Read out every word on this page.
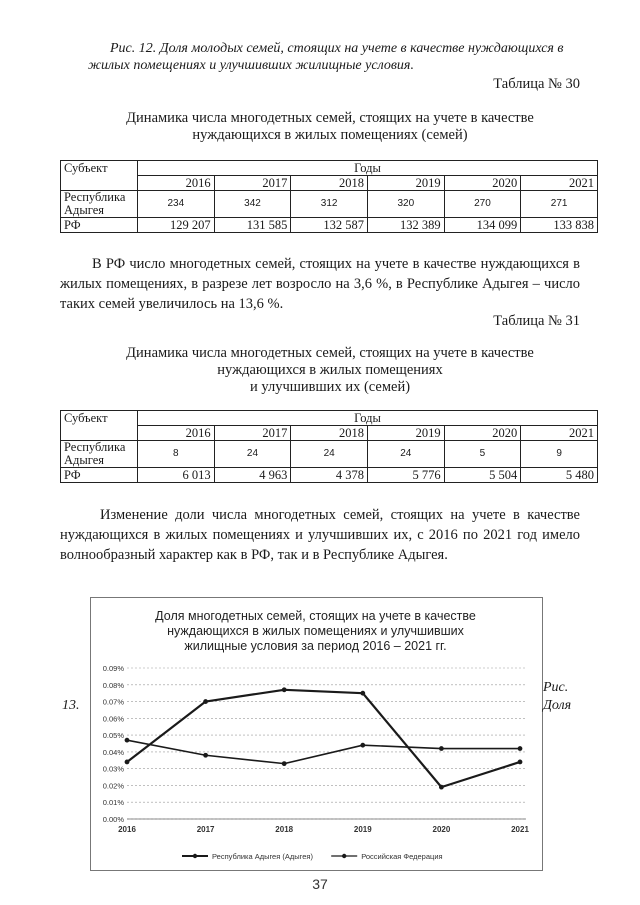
Рис. 12. Доля молодых семей, стоящих на учете в качестве нуждающихся в жилых помещениях и улучшивших жилищные условия.
Таблица № 30
Динамика числа многодетных семей, стоящих на учете в качестве
нуждающихся в жилых помещениях (семей)
Субъект	Годы					
	2016	2017	2018	2019	2020	2021
Республика Адыгея	234	342	312	320	270	271
РФ	129 207	131 585	132 587	132 389	134 099	133 838
В РФ число многодетных семей, стоящих на учете в качестве нуждающихся в жилых помещениях, в разрезе лет возросло на 3,6 %, в Республике Адыгея – число таких семей увеличилось на 13,6 %.
Таблица № 31
Динамика числа многодетных семей, стоящих на учете в качестве
нуждающихся в жилых помещениях
и улучшивших их (семей)
Субъект	Годы					
	2016	2017	2018	2019	2020	2021
Республика Адыгея	8	24	24	24	5	9
РФ	6 013	4 963	4 378	5 776	5 504	5 480
Изменение доли числа многодетных семей, стоящих на учете в качестве нуждающихся в жилых помещениях и улучшивших их, с 2016 по 2021 год имело волнообразный характер как в РФ, так и в Республике Адыгея.
Доля многодетных семей, стоящих на учете в качестве
нуждающихся в жилых помещениях и улучшивших
жилищные условия за период 2016 – 2021 гг.
0.00%
0.01%
0.02%
0.03%
0.04%
0.05%
0.06%
0.07%
0.08%
0.09%
2016	2017	2018	2019	2020	2021
Республика Адыгея (Адыгея)	Российская Федерация
Рис.
Доля
13.
37
